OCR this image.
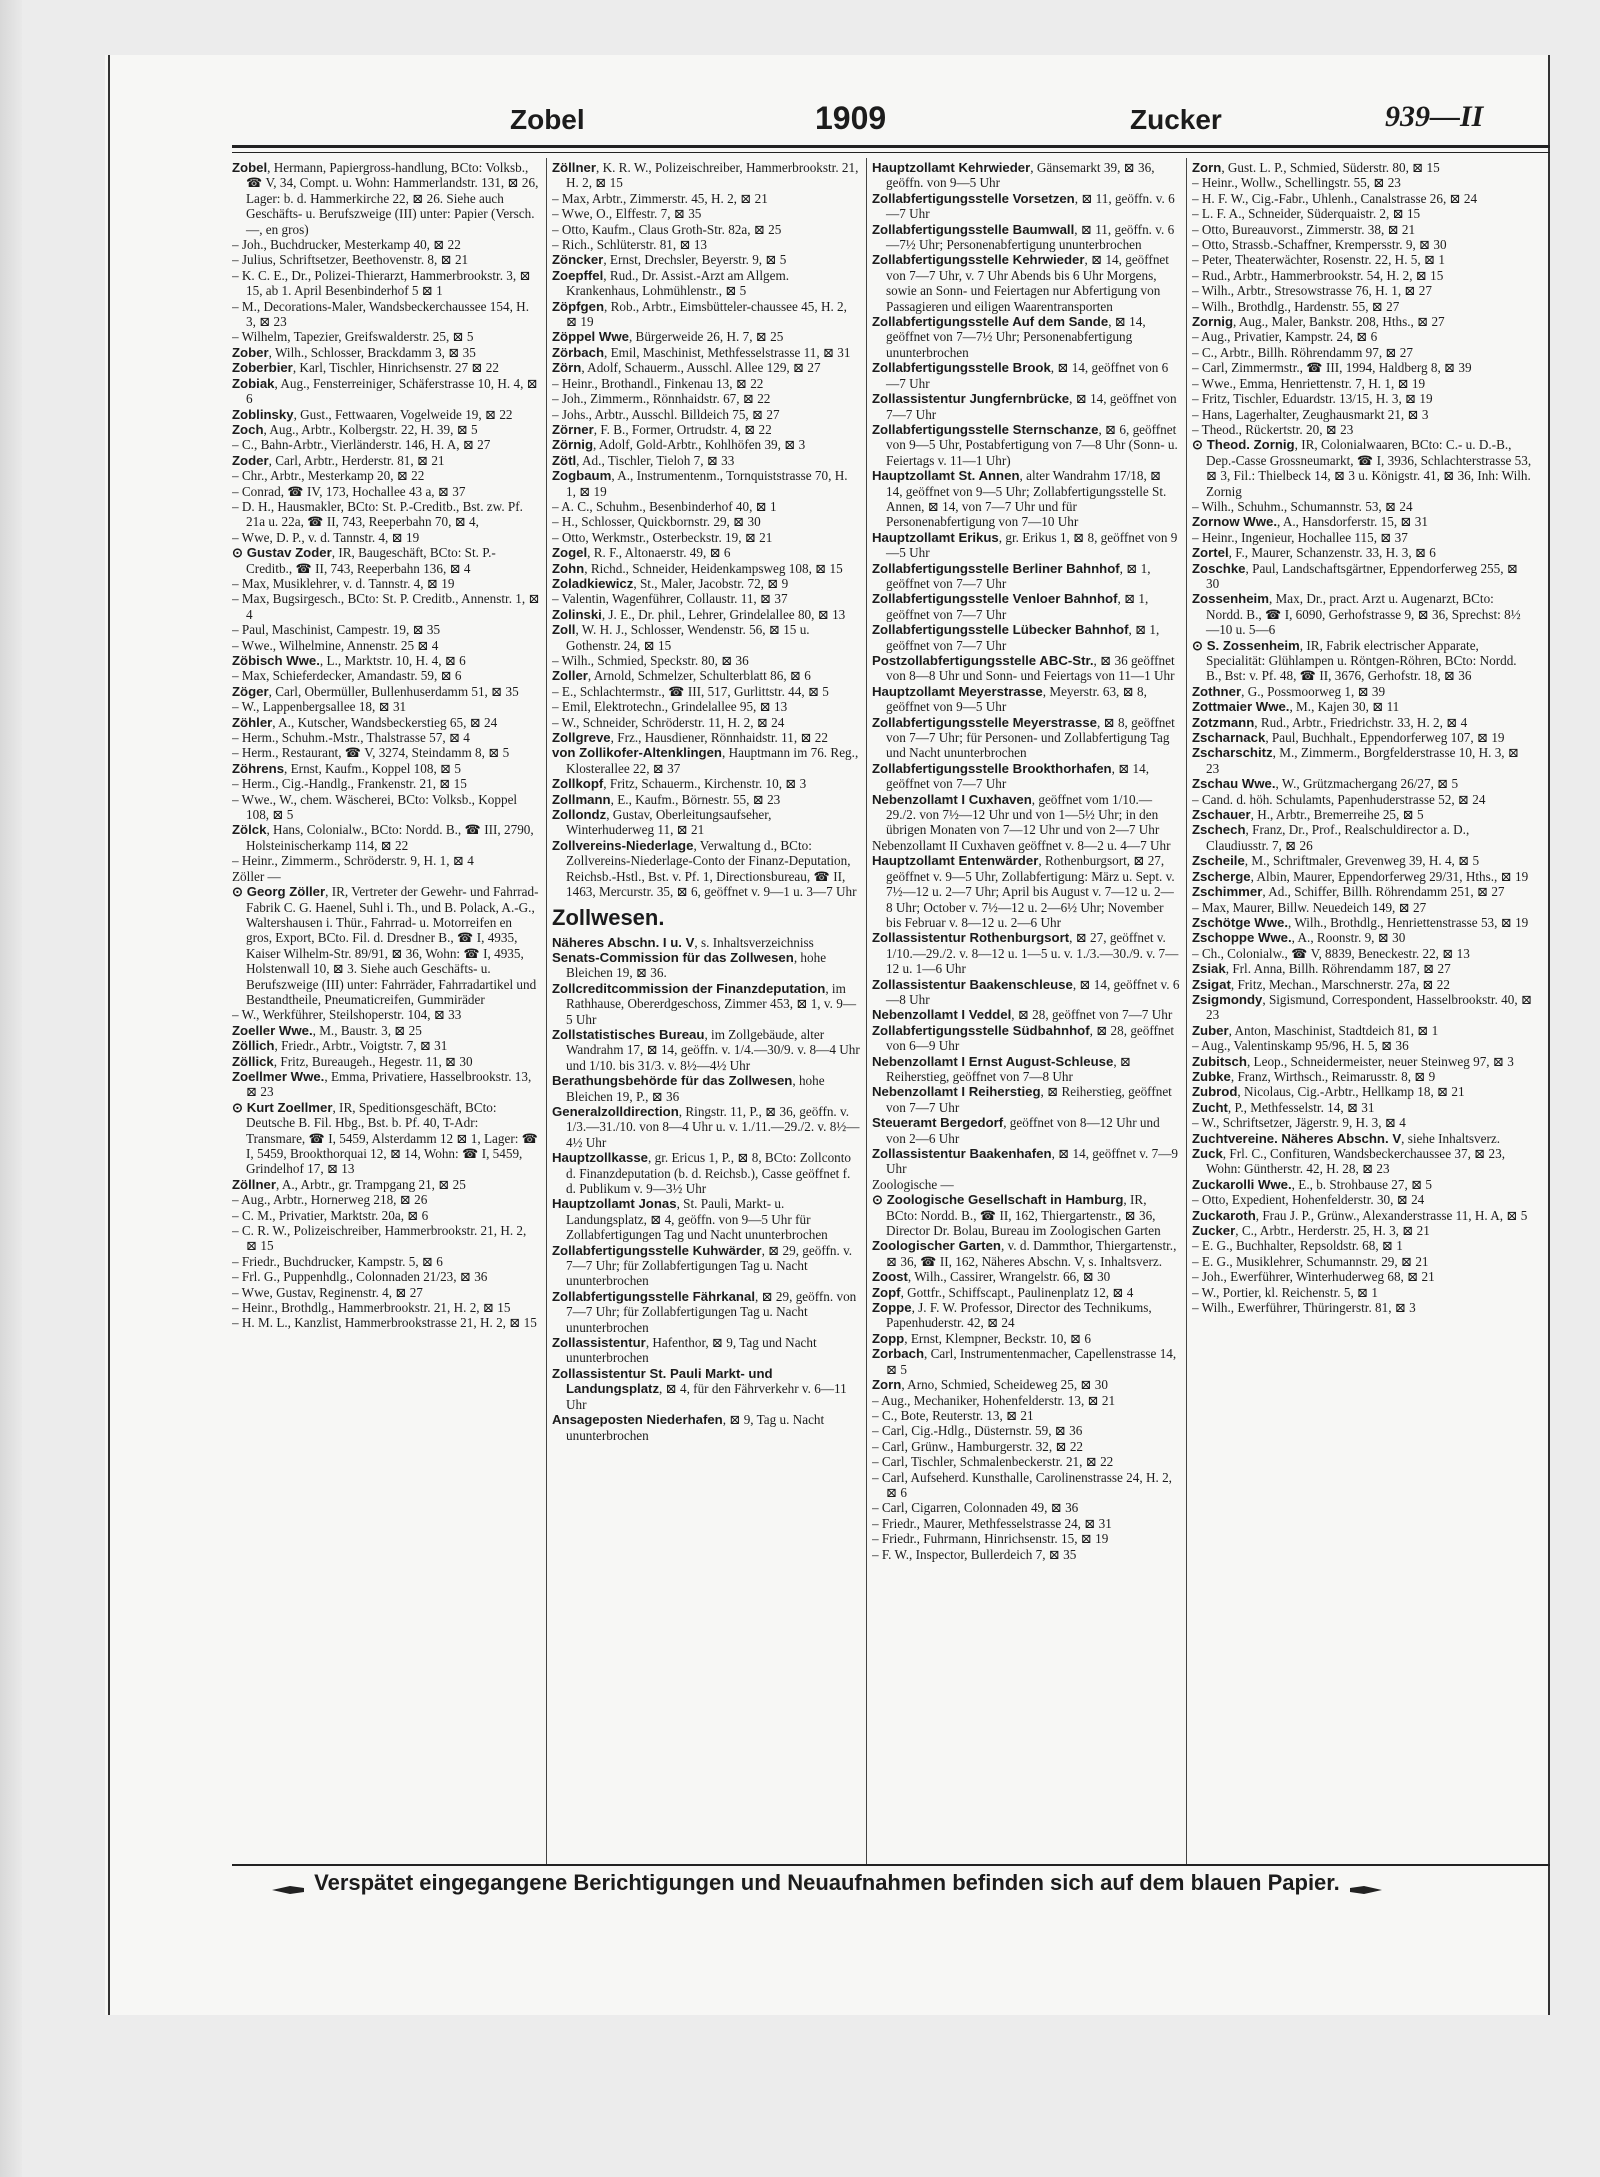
Zobel	1909	Zucker	939—II
Zobel, Hermann, Papiergross-handlung, BCto: Volksb., ☎ V, 34, Compt. u. Wohn: Hammerlandstr. 131, ⊠ 26, Lager: b. d. Hammerkirche 22, ⊠ 26. Siehe auch Geschäfts- u. Berufszweige (III) unter: Papier (Versch. —, en gros)
– Joh., Buchdrucker, Mesterkamp 40, ⊠ 22
– Julius, Schriftsetzer, Beethovenstr. 8, ⊠ 21
– K. C. E., Dr., Polizei-Thierarzt, Hammerbrookstr. 3, ⊠ 15, ab 1. April Besenbinderhof 5 ⊠ 1
– M., Decorations-Maler, Wandsbeckerchaussee 154, H. 3, ⊠ 23
– Wilhelm, Tapezier, Greifswalderstr. 25, ⊠ 5
Zober, Wilh., Schlosser, Brackdamm 3, ⊠ 35
Zoberbier, Karl, Tischler, Hinrichsenstr. 27 ⊠ 22
Zobiak, Aug., Fensterreiniger, Schäferstrasse 10, H. 4, ⊠ 6
Zoblinsky, Gust., Fettwaaren, Vogelweide 19, ⊠ 22
Zoch, Aug., Arbtr., Kolbergstr. 22, H. 39, ⊠ 5
– C., Bahn-Arbtr., Vierländerstr. 146, H. A, ⊠ 27
Zoder, Carl, Arbtr., Herderstr. 81, ⊠ 21
– Chr., Arbtr., Mesterkamp 20, ⊠ 22
– Conrad, ☎ IV, 173, Hochallee 43 a, ⊠ 37
– D. H., Hausmakler, BCto: St. P.-Creditb., Bst. zw. Pf. 21a u. 22a, ☎ II, 743, Reeperbahn 70, ⊠ 4,
– Wwe, D. P., v. d. Tannstr. 4, ⊠ 19
⊙ Gustav Zoder, IR, Baugeschäft, BCto: St. P.-Creditb., ☎ II, 743, Reeperbahn 136, ⊠ 4
– Max, Musiklehrer, v. d. Tannstr. 4, ⊠ 19
– Max, Bugsirgesch., BCto: St. P. Creditb., Annenstr. 1, ⊠ 4
– Paul, Maschinist, Campestr. 19, ⊠ 35
– Wwe., Wilhelmine, Annenstr. 25 ⊠ 4
Zöbisch Wwe., L., Marktstr. 10, H. 4, ⊠ 6
– Max, Schieferdecker, Amandastr. 59, ⊠ 6
Zöger, Carl, Obermüller, Bullenhuserdamm 51, ⊠ 35
– W., Lappenbergsallee 18, ⊠ 31
Zöhler, A., Kutscher, Wandsbeckerstieg 65, ⊠ 24
– Herm., Schuhm.-Mstr., Thalstrasse 57, ⊠ 4
– Herm., Restaurant, ☎ V, 3274, Steindamm 8, ⊠ 5
Zöhrens, Ernst, Kaufm., Koppel 108, ⊠ 5
– Herm., Cig.-Handlg., Frankenstr. 21, ⊠ 15
– Wwe., W., chem. Wäscherei, BCto: Volksb., Koppel 108, ⊠ 5
Zölck, Hans, Colonialw., BCto: Nordd. B., ☎ III, 2790, Holsteinischerkamp 114, ⊠ 22
– Heinr., Zimmerm., Schröderstr. 9, H. 1, ⊠ 4
Zöller —
⊙ Georg Zöller, IR, Vertreter der Gewehr- und Fahrrad-Fabrik C. G. Haenel, Suhl i. Th., und B. Polack, A.-G., Waltershausen i. Thür., Fahrrad- u. Motorreifen en gros, Export, BCto. Fil. d. Dresdner B., ☎ I, 4935, Kaiser Wilhelm-Str. 89/91, ⊠ 36, Wohn: ☎ I, 4935, Holstenwall 10, ⊠ 3. Siehe auch Geschäfts- u. Berufszweige (III) unter: Fahrräder, Fahrradartikel und Bestandtheile, Pneumaticreifen, Gummiräder
– W., Werkführer, Steilshoperstr. 104, ⊠ 33
Zoeller Wwe., M., Baustr. 3, ⊠ 25
Zöllich, Friedr., Arbtr., Voigtstr. 7, ⊠ 31
Zöllick, Fritz, Bureaugeh., Hegestr. 11, ⊠ 30
Zoellmer Wwe., Emma, Privatiere, Hasselbrookstr. 13, ⊠ 23
⊙ Kurt Zoellmer, IR, Speditionsgeschäft, BCto: Deutsche B. Fil. Hbg., Bst. b. Pf. 40, T-Adr: Transmare, ☎ I, 5459, Alsterdamm 12 ⊠ 1, Lager: ☎ I, 5459, Brookthorquai 12, ⊠ 14, Wohn: ☎ I, 5459, Grindelhof 17, ⊠ 13
Zöllner, A., Arbtr., gr. Trampgang 21, ⊠ 25
– Aug., Arbtr., Hornerweg 218, ⊠ 26
– C. M., Privatier, Marktstr. 20a, ⊠ 6
– C. R. W., Polizeischreiber, Hammerbrookstr. 21, H. 2, ⊠ 15
– Friedr., Buchdrucker, Kampstr. 5, ⊠ 6
– Frl. G., Puppenhdlg., Colonnaden 21/23, ⊠ 36
– Wwe, Gustav, Reginenstr. 4, ⊠ 27
– Heinr., Brothdlg., Hammerbrookstr. 21, H. 2, ⊠ 15
– H. M. L., Kanzlist, Hammerbrookstrasse 21, H. 2, ⊠ 15
Zöllner, K. R. W., Polizeischreiber, Hammerbrookstr. 21, H. 2, ⊠ 15
– Max, Arbtr., Zimmerstr. 45, H. 2, ⊠ 21
– Wwe, O., Elffestr. 7, ⊠ 35
– Otto, Kaufm., Claus Groth-Str. 82a, ⊠ 25
– Rich., Schlüterstr. 81, ⊠ 13
Zöncker, Ernst, Drechsler, Beyerstr. 9, ⊠ 5
Zoepffel, Rud., Dr. Assist.-Arzt am Allgem. Krankenhaus, Lohmühlenstr., ⊠ 5
Zöpfgen, Rob., Arbtr., Eimsbütteler-chaussee 45, H. 2, ⊠ 19
Zöppel Wwe, Bürgerweide 26, H. 7, ⊠ 25
Zörbach, Emil, Maschinist, Methfesselstrasse 11, ⊠ 31
Zörn, Adolf, Schauerm., Ausschl. Allee 129, ⊠ 27
– Heinr., Brothandl., Finkenau 13, ⊠ 22
– Joh., Zimmerm., Rönnhaidstr. 67, ⊠ 22
– Johs., Arbtr., Ausschl. Billdeich 75, ⊠ 27
Zörner, F. B., Former, Ortrudstr. 4, ⊠ 22
Zörnig, Adolf, Gold-Arbtr., Kohlhöfen 39, ⊠ 3
Zötl, Ad., Tischler, Tieloh 7, ⊠ 33
Zogbaum, A., Instrumentenm., Tornquiststrasse 70, H. 1, ⊠ 19
– A. C., Schuhm., Besenbinderhof 40, ⊠ 1
– H., Schlosser, Quickbornstr. 29, ⊠ 30
– Otto, Werkmstr., Osterbeckstr. 19, ⊠ 21
Zogel, R. F., Altonaerstr. 49, ⊠ 6
Zohn, Richd., Schneider, Heidenkampsweg 108, ⊠ 15
Zoladkiewicz, St., Maler, Jacobstr. 72, ⊠ 9
– Valentin, Wagenführer, Collaustr. 11, ⊠ 37
Zolinski, J. E., Dr. phil., Lehrer, Grindelallee 80, ⊠ 13
Zoll, W. H. J., Schlosser, Wendenstr. 56, ⊠ 15 u. Gothenstr. 24, ⊠ 15
– Wilh., Schmied, Speckstr. 80, ⊠ 36
Zoller, Arnold, Schmelzer, Schulterblatt 86, ⊠ 6
– E., Schlachtermstr., ☎ III, 517, Gurlittstr. 44, ⊠ 5
– Emil, Elektrotechn., Grindelallee 95, ⊠ 13
– W., Schneider, Schröderstr. 11, H. 2, ⊠ 24
Zollgreve, Frz., Hausdiener, Rönnhaidstr. 11, ⊠ 22
von Zollikofer-Altenklingen, Hauptmann im 76. Reg., Klosterallee 22, ⊠ 37
Zollkopf, Fritz, Schauerm., Kirchenstr. 10, ⊠ 3
Zollmann, E., Kaufm., Börnestr. 55, ⊠ 23
Zollondz, Gustav, Oberleitungsaufseher, Winterhuderweg 11, ⊠ 21
Zollvereins-Niederlage, Verwaltung d., BCto: Zollvereins-Niederlage-Conto der Finanz-Deputation, Reichsb.-Hstl., Bst. v. Pf. 1, Directionsbureau, ☎ II, 1463, Mercurstr. 35, ⊠ 6, geöffnet v. 9—1 u. 3—7 Uhr
Zollwesen.
Näheres Abschn. I u. V, s. Inhaltsverzeichniss
Senats-Commission für das Zollwesen, hohe Bleichen 19, ⊠ 36.
Zollcreditcommission der Finanzdeputation, im Rathhause, Obererdgeschoss, Zimmer 453, ⊠ 1, v. 9—5 Uhr
Zollstatistisches Bureau, im Zollgebäude, alter Wandrahm 17, ⊠ 14, geöffn. v. 1/4.—30/9. v. 8—4 Uhr und 1/10. bis 31/3. v. 8½—4½ Uhr
Berathungsbehörde für das Zollwesen, hohe Bleichen 19, P., ⊠ 36
Generalzolldirection, Ringstr. 11, P., ⊠ 36, geöffn. v. 1/3.—31./10. von 8—4 Uhr u. v. 1./11.—29./2. v. 8½—4½ Uhr
Hauptzollkasse, gr. Ericus 1, P., ⊠ 8, BCto: Zollconto d. Finanzdeputation (b. d. Reichsb.), Casse geöffnet f. d. Publikum v. 9—3½ Uhr
Hauptzollamt Jonas, St. Pauli, Markt- u. Landungsplatz, ⊠ 4, geöffn. von 9—5 Uhr für Zollabfertigungen Tag und Nacht ununterbrochen
Zollabfertigungsstelle Kuhwärder, ⊠ 29, geöffn. v. 7—7 Uhr; für Zollabfertigungen Tag u. Nacht ununterbrochen
Zollabfertigungsstelle Fährkanal, ⊠ 29, geöffn. von 7—7 Uhr; für Zollabfertigungen Tag u. Nacht ununterbrochen
Zollassistentur, Hafenthor, ⊠ 9, Tag und Nacht ununterbrochen
Zollassistentur St. Pauli Markt- und Landungsplatz, ⊠ 4, für den Fährverkehr v. 6—11 Uhr
Ansageposten Niederhafen, ⊠ 9, Tag u. Nacht ununterbrochen
Hauptzollamt Kehrwieder, Gänsemarkt 39, ⊠ 36, geöffn. von 9—5 Uhr
Zollabfertigungsstelle Vorsetzen, ⊠ 11, geöffn. v. 6—7 Uhr
Zollabfertigungsstelle Baumwall, ⊠ 11, geöffn. v. 6—7½ Uhr; Personenabfertigung ununterbrochen
Zollabfertigungsstelle Kehrwieder, ⊠ 14, geöffnet von 7—7 Uhr, v. 7 Uhr Abends bis 6 Uhr Morgens, sowie an Sonn- und Feiertagen nur Abfertigung von Passagieren und eiligen Waarentransporten
Zollabfertigungsstelle Auf dem Sande, ⊠ 14, geöffnet von 7—7½ Uhr; Personenabfertigung ununterbrochen
Zollabfertigungsstelle Brook, ⊠ 14, geöffnet von 6—7 Uhr
Zollassistentur Jungfernbrücke, ⊠ 14, geöffnet von 7—7 Uhr
Zollabfertigungsstelle Sternschanze, ⊠ 6, geöffnet von 9—5 Uhr, Postabfertigung von 7—8 Uhr (Sonn- u. Feiertags v. 11—1 Uhr)
Hauptzollamt St. Annen, alter Wandrahm 17/18, ⊠ 14, geöffnet von 9—5 Uhr; Zollabfertigungsstelle St. Annen, ⊠ 14, von 7—7 Uhr und für Personenabfertigung von 7—10 Uhr
Hauptzollamt Erikus, gr. Erikus 1, ⊠ 8, geöffnet von 9—5 Uhr
Zollabfertigungsstelle Berliner Bahnhof, ⊠ 1, geöffnet von 7—7 Uhr
Zollabfertigungsstelle Venloer Bahnhof, ⊠ 1, geöffnet von 7—7 Uhr
Zollabfertigungsstelle Lübecker Bahnhof, ⊠ 1, geöffnet von 7—7 Uhr
Postzollabfertigungsstelle ABC-Str., ⊠ 36 geöffnet von 8—8 Uhr und Sonn- und Feiertags von 11—1 Uhr
Hauptzollamt Meyerstrasse, Meyerstr. 63, ⊠ 8, geöffnet von 9—5 Uhr
Zollabfertigungsstelle Meyerstrasse, ⊠ 8, geöffnet von 7—7 Uhr; für Personen- und Zollabfertigung Tag und Nacht ununterbrochen
Zollabfertigungsstelle Brookthorhafen, ⊠ 14, geöffnet von 7—7 Uhr
Nebenzollamt I Cuxhaven, geöffnet vom 1/10.—29./2. von 7½—12 Uhr und von 1—5½ Uhr; in den übrigen Monaten von 7—12 Uhr und von 2—7 Uhr
Nebenzollamt II Cuxhaven geöffnet v. 8—2 u. 4—7 Uhr
Hauptzollamt Entenwärder, Rothenburgsort, ⊠ 27, geöffnet v. 9—5 Uhr, Zollabfertigung: März u. Sept. v. 7½—12 u. 2—7 Uhr; April bis August v. 7—12 u. 2—8 Uhr; October v. 7½—12 u. 2—6½ Uhr; November bis Februar v. 8—12 u. 2—6 Uhr
Zollassistentur Rothenburgsort, ⊠ 27, geöffnet v. 1/10.—29./2. v. 8—12 u. 1—5 u. v. 1./3.—30./9. v. 7—12 u. 1—6 Uhr
Zollassistentur Baakenschleuse, ⊠ 14, geöffnet v. 6—8 Uhr
Nebenzollamt I Veddel, ⊠ 28, geöffnet von 7—7 Uhr
Zollabfertigungsstelle Südbahnhof, ⊠ 28, geöffnet von 6—9 Uhr
Nebenzollamt I Ernst August-Schleuse, ⊠ Reiherstieg, geöffnet von 7—8 Uhr
Nebenzollamt I Reiherstieg, ⊠ Reiherstieg, geöffnet von 7—7 Uhr
Steueramt Bergedorf, geöffnet von 8—12 Uhr und von 2—6 Uhr
Zollassistentur Baakenhafen, ⊠ 14, geöffnet v. 7—9 Uhr
Zoologische —
⊙ Zoologische Gesellschaft in Hamburg, IR, BCto: Nordd. B., ☎ II, 162, Thiergartenstr., ⊠ 36, Director Dr. Bolau, Bureau im Zoologischen Garten
Zoologischer Garten, v. d. Dammthor, Thiergartenstr., ⊠ 36, ☎ II, 162, Näheres Abschn. V, s. Inhaltsverz.
Zoost, Wilh., Cassirer, Wrangelstr. 66, ⊠ 30
Zopf, Gottfr., Schiffscapt., Paulinenplatz 12, ⊠ 4
Zoppe, J. F. W. Professor, Director des Technikums, Papenhuderstr. 42, ⊠ 24
Zopp, Ernst, Klempner, Beckstr. 10, ⊠ 6
Zorbach, Carl, Instrumentenmacher, Capellenstrasse 14, ⊠ 5
Zorn, Arno, Schmied, Scheideweg 25, ⊠ 30
– Aug., Mechaniker, Hohenfelderstr. 13, ⊠ 21
– C., Bote, Reuterstr. 13, ⊠ 21
– Carl, Cig.-Hdlg., Düsternstr. 59, ⊠ 36
– Carl, Grünw., Hamburgerstr. 32, ⊠ 22
– Carl, Tischler, Schmalenbeckerstr. 21, ⊠ 22
– Carl, Aufseherd. Kunsthalle, Carolinenstrasse 24, H. 2, ⊠ 6
– Carl, Cigarren, Colonnaden 49, ⊠ 36
– Friedr., Maurer, Methfesselstrasse 24, ⊠ 31
– Friedr., Fuhrmann, Hinrichsenstr. 15, ⊠ 19
– F. W., Inspector, Bullerdeich 7, ⊠ 35
Zorn, Gust. L. P., Schmied, Süderstr. 80, ⊠ 15
– Heinr., Wollw., Schellingstr. 55, ⊠ 23
– H. F. W., Cig.-Fabr., Uhlenh., Canalstrasse 26, ⊠ 24
– L. F. A., Schneider, Süderquaistr. 2, ⊠ 15
– Otto, Bureauvorst., Zimmerstr. 38, ⊠ 21
– Otto, Strassb.-Schaffner, Krempersstr. 9, ⊠ 30
– Peter, Theaterwächter, Rosenstr. 22, H. 5, ⊠ 1
– Rud., Arbtr., Hammerbrookstr. 54, H. 2, ⊠ 15
– Wilh., Arbtr., Stresowstrasse 76, H. 1, ⊠ 27
– Wilh., Brothdlg., Hardenstr. 55, ⊠ 27
Zornig, Aug., Maler, Bankstr. 208, Hths., ⊠ 27
– Aug., Privatier, Kampstr. 24, ⊠ 6
– C., Arbtr., Billh. Röhrendamm 97, ⊠ 27
– Carl, Zimmermstr., ☎ III, 1994, Haldberg 8, ⊠ 39
– Wwe., Emma, Henriettenstr. 7, H. 1, ⊠ 19
– Fritz, Tischler, Eduardstr. 13/15, H. 3, ⊠ 19
– Hans, Lagerhalter, Zeughausmarkt 21, ⊠ 3
– Theod., Rückertstr. 20, ⊠ 23
⊙ Theod. Zornig, IR, Colonialwaaren, BCto: C.- u. D.-B., Dep.-Casse Grossneumarkt, ☎ I, 3936, Schlachterstrasse 53, ⊠ 3, Fil.: Thielbeck 14, ⊠ 3 u. Königstr. 41, ⊠ 36, Inh: Wilh. Zornig
– Wilh., Schuhm., Schumannstr. 53, ⊠ 24
Zornow Wwe., A., Hansdorferstr. 15, ⊠ 31
– Heinr., Ingenieur, Hochallee 115, ⊠ 37
Zortel, F., Maurer, Schanzenstr. 33, H. 3, ⊠ 6
Zoschke, Paul, Landschaftsgärtner, Eppendorferweg 255, ⊠ 30
Zossenheim, Max, Dr., pract. Arzt u. Augenarzt, BCto: Nordd. B., ☎ I, 6090, Gerhofstrasse 9, ⊠ 36, Sprechst: 8½—10 u. 5—6
⊙ S. Zossenheim, IR, Fabrik electrischer Apparate, Specialität: Glühlampen u. Röntgen-Röhren, BCto: Nordd. B., Bst: v. Pf. 48, ☎ II, 3676, Gerhofstr. 18, ⊠ 36
Zothner, G., Possmoorweg 1, ⊠ 39
Zottmaier Wwe., M., Kajen 30, ⊠ 11
Zotzmann, Rud., Arbtr., Friedrichstr. 33, H. 2, ⊠ 4
Zscharnack, Paul, Buchhalt., Eppendorferweg 107, ⊠ 19
Zscharschitz, M., Zimmerm., Borgfelderstrasse 10, H. 3, ⊠ 23
Zschau Wwe., W., Grützmachergang 26/27, ⊠ 5
– Cand. d. höh. Schulamts, Papenhuderstrasse 52, ⊠ 24
Zschauer, H., Arbtr., Bremerreihe 25, ⊠ 5
Zschech, Franz, Dr., Prof., Realschuldirector a. D., Claudiusstr. 7, ⊠ 26
Zscheile, M., Schriftmaler, Grevenweg 39, H. 4, ⊠ 5
Zscherge, Albin, Maurer, Eppendorferweg 29/31, Hths., ⊠ 19
Zschimmer, Ad., Schiffer, Billh. Röhrendamm 251, ⊠ 27
– Max, Maurer, Billw. Neuedeich 149, ⊠ 27
Zschötge Wwe., Wilh., Brothdlg., Henriettenstrasse 53, ⊠ 19
Zschoppe Wwe., A., Roonstr. 9, ⊠ 30
– Ch., Colonialw., ☎ V, 8839, Beneckestr. 22, ⊠ 13
Zsiak, Frl. Anna, Billh. Röhrendamm 187, ⊠ 27
Zsigat, Fritz, Mechan., Marschnerstr. 27a, ⊠ 22
Zsigmondy, Sigismund, Correspondent, Hasselbrookstr. 40, ⊠ 23
Zuber, Anton, Maschinist, Stadtdeich 81, ⊠ 1
– Aug., Valentinskamp 95/96, H. 5, ⊠ 36
Zubitsch, Leop., Schneidermeister, neuer Steinweg 97, ⊠ 3
Zubke, Franz, Wirthsch., Reimarusstr. 8, ⊠ 9
Zubrod, Nicolaus, Cig.-Arbtr., Hellkamp 18, ⊠ 21
Zucht, P., Methfesselstr. 14, ⊠ 31
– W., Schriftsetzer, Jägerstr. 9, H. 3, ⊠ 4
Zuchtvereine. Näheres Abschn. V, siehe Inhaltsverz.
Zuck, Frl. C., Confituren, Wandsbeckerchaussee 37, ⊠ 23, Wohn: Güntherstr. 42, H. 28, ⊠ 23
Zuckarolli Wwe., E., b. Strohbause 27, ⊠ 5
– Otto, Expedient, Hohenfelderstr. 30, ⊠ 24
Zuckaroth, Frau J. P., Grünw., Alexanderstrasse 11, H. A, ⊠ 5
Zucker, C., Arbtr., Herderstr. 25, H. 3, ⊠ 21
– E. G., Buchhalter, Repsoldstr. 68, ⊠ 1
– E. G., Musiklehrer, Schumannstr. 29, ⊠ 21
– Joh., Ewerführer, Winterhuderweg 68, ⊠ 21
– W., Portier, kl. Reichenstr. 5, ⊠ 1
– Wilh., Ewerführer, Thüringerstr. 81, ⊠ 3
Verspätet eingegangene Berichtigungen und Neuaufnahmen befinden sich auf dem blauen Papier.
